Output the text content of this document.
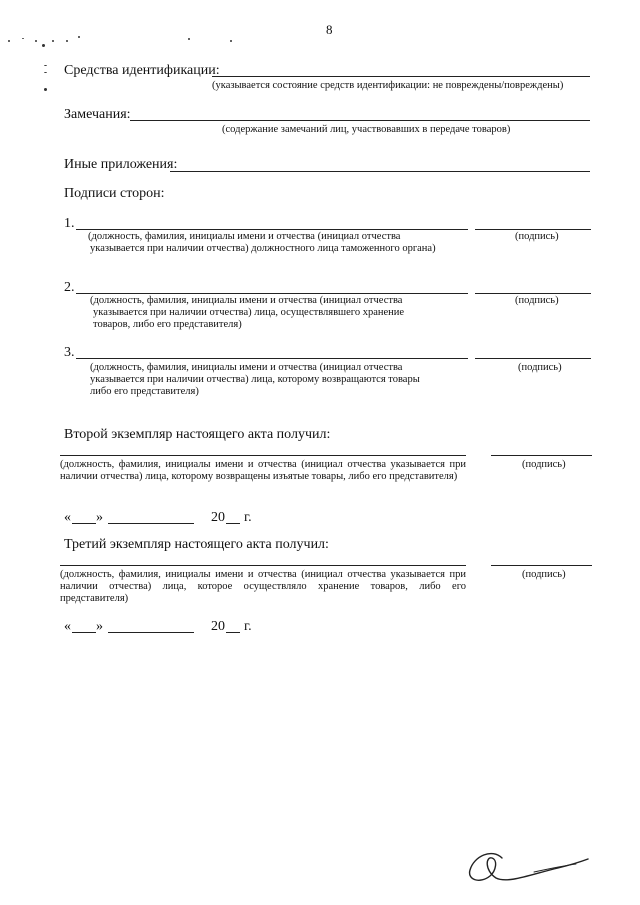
8
Средства идентификации:
(указывается состояние средств идентификации: не повреждены/повреждены)
Замечания:
(содержание замечаний лиц, участвовавших в передаче товаров)
Иные приложения:
Подписи сторон:
1.
(должность, фамилия, инициалы имени и отчества (инициал отчества
указывается при наличии отчества) должностного лица таможенного органа)
(подпись)
2.
(должность, фамилия, инициалы имени и отчества (инициал отчества
указывается при наличии отчества) лица, осуществлявшего хранение
товаров, либо его представителя)
(подпись)
3.
(должность, фамилия, инициалы имени и отчества (инициал отчества
указывается при наличии отчества) лица, которому возвращаются товары
либо его представителя)
(подпись)
Второй экземпляр настоящего акта получил:
(должность, фамилия, инициалы имени и отчества (инициал отчества указывается при наличии отчества) лица, которому возвращены изъятые товары, либо его представителя)
(подпись)
« »	20 г.
Третий экземпляр настоящего акта получил:
(должность, фамилия, инициалы имени и отчества (инициал отчества указывается при наличии отчества) лица, которое осуществляло хранение товаров, либо его представителя)
(подпись)
« »	20 г.
